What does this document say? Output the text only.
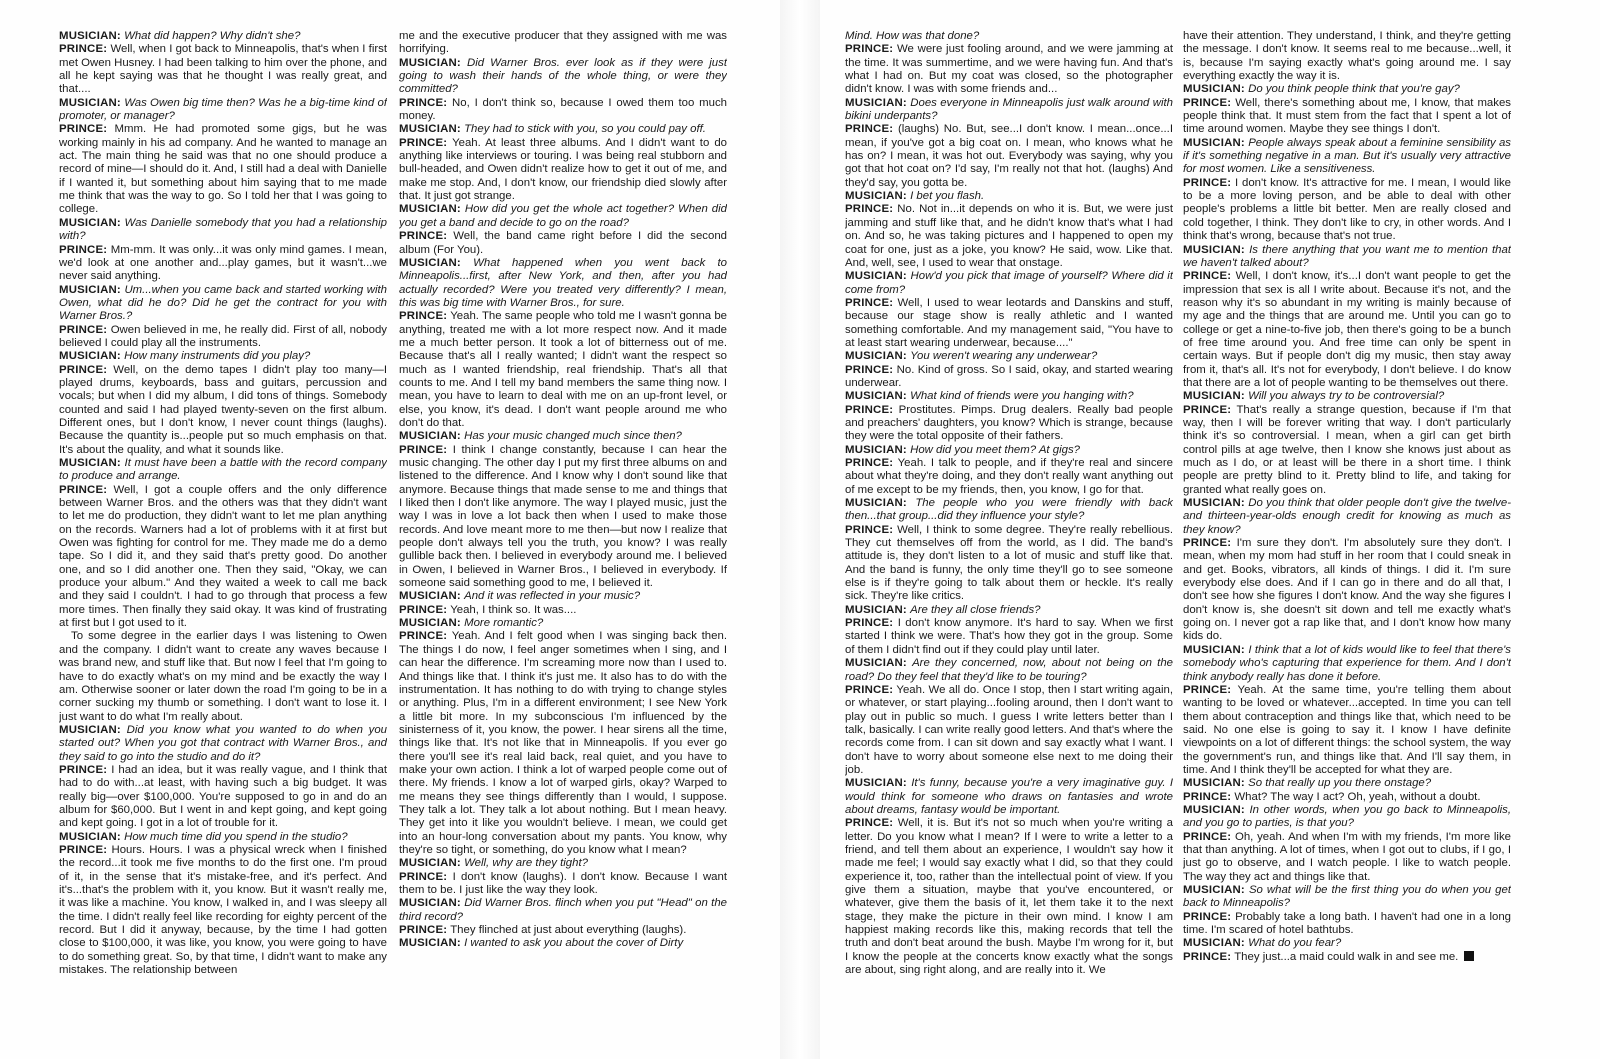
MUSICIAN: What did happen? Why didn't she?

PRINCE: Well, when I got back to Minneapolis, that's when I first met Owen Husney. I had been talking to him over the phone, and all he kept saying was that he thought I was really great, and that....

MUSICIAN: Was Owen big time then? Was he a big-time kind of promoter, or manager?

PRINCE: Mmm. He had promoted some gigs, but he was working mainly in his ad company. And he wanted to manage an act. The main thing he said was that no one should produce a record of mine—I should do it. And, I still had a deal with Danielle if I wanted it, but something about him saying that to me made me think that was the way to go. So I told her that I was going to college.

MUSICIAN: Was Danielle somebody that you had a relationship with?

PRINCE: Mm-mm. It was only...it was only mind games. I mean, we'd look at one another and...play games, but it wasn't...we never said anything.

MUSICIAN: Um...when you came back and started working with Owen, what did he do? Did he get the contract for you with Warner Bros.?

PRINCE: Owen believed in me, he really did. First of all, nobody believed I could play all the instruments.

MUSICIAN: How many instruments did you play?

PRINCE: Well, on the demo tapes I didn't play too many—I played drums, keyboards, bass and guitars, percussion and vocals; but when I did my album, I did tons of things. Somebody counted and said I had played twenty-seven on the first album. Different ones, but I don't know, I never count things (laughs). Because the quantity is...people put so much emphasis on that. It's about the quality, and what it sounds like.

MUSICIAN: It must have been a battle with the record company to produce and arrange.

PRINCE: Well, I got a couple offers and the only difference between Warner Bros. and the others was that they didn't want to let me do production, they didn't want to let me plan anything on the records. Warners had a lot of problems with it at first but Owen was fighting for control for me. They made me do a demo tape. So I did it, and they said that's pretty good. Do another one, and so I did another one. Then they said, "Okay, we can produce your album." And they waited a week to call me back and they said I couldn't. I had to go through that process a few more times. Then finally they said okay. It was kind of frustrating at first but I got used to it.

To some degree in the earlier days I was listening to Owen and the company. I didn't want to create any waves because I was brand new, and stuff like that. But now I feel that I'm going to have to do exactly what's on my mind and be exactly the way I am. Otherwise sooner or later down the road I'm going to be in a corner sucking my thumb or something. I don't want to lose it. I just want to do what I'm really about.

MUSICIAN: Did you know what you wanted to do when you started out? When you got that contract with Warner Bros., and they said to go into the studio and do it?

PRINCE: I had an idea, but it was really vague, and I think that had to do with...at least, with having such a big budget. It was really big—over $100,000. You're supposed to go in and do an album for $60,000. But I went in and kept going, and kept going and kept going. I got in a lot of trouble for it.

MUSICIAN: How much time did you spend in the studio?

PRINCE: Hours. Hours. I was a physical wreck when I finished the record...it took me five months to do the first one. I'm proud of it, in the sense that it's mistake-free, and it's perfect. And it's...that's the problem with it, you know. But it wasn't really me, it was like a machine. You know, I walked in, and I was sleepy all the time. I didn't really feel like recording for eighty percent of the record. But I did it anyway, because, by the time I had gotten close to $100,000, it was like, you know, you were going to have to do something great. So, by that time, I didn't want to make any mistakes. The relationship between

me and the executive producer that they assigned with me was horrifying.

MUSICIAN: Did Warner Bros. ever look as if they were just going to wash their hands of the whole thing, or were they committed?

PRINCE: No, I don't think so, because I owed them too much money.

MUSICIAN: They had to stick with you, so you could pay off.

PRINCE: Yeah. At least three albums. And I didn't want to do anything like interviews or touring. I was being real stubborn and bull-headed, and Owen didn't realize how to get it out of me, and make me stop. And, I don't know, our friendship died slowly after that. It just got strange.

MUSICIAN: How did you get the whole act together? When did you get a band and decide to go on the road?

PRINCE: Well, the band came right before I did the second album (For You).

MUSICIAN: What happened when you went back to Minneapolis...first, after New York, and then, after you had actually recorded? Were you treated very differently? I mean, this was big time with Warner Bros., for sure.

PRINCE: Yeah. The same people who told me I wasn't gonna be anything, treated me with a lot more respect now. And it made me a much better person. It took a lot of bitterness out of me. Because that's all I really wanted; I didn't want the respect so much as I wanted friendship, real friendship. That's all that counts to me. And I tell my band members the same thing now. I mean, you have to learn to deal with me on an up-front level, or else, you know, it's dead. I don't want people around me who don't do that.

MUSICIAN: Has your music changed much since then?

PRINCE: I think I change constantly, because I can hear the music changing. The other day I put my first three albums on and listened to the difference. And I know why I don't sound like that anymore. Because things that made sense to me and things that I liked then I don't like anymore. The way I played music, just the way I was in love a lot back then when I used to make those records. And love meant more to me then—but now I realize that people don't always tell you the truth, you know? I was really gullible back then. I believed in everybody around me. I believed in Owen, I believed in Warner Bros., I believed in everybody. If someone said something good to me, I believed it.

MUSICIAN: And it was reflected in your music?

PRINCE: Yeah, I think so. It was....

MUSICIAN: More romantic?

PRINCE: Yeah. And I felt good when I was singing back then. The things I do now, I feel anger sometimes when I sing, and I can hear the difference. I'm screaming more now than I used to. And things like that. I think it's just me. It also has to do with the instrumentation. It has nothing to do with trying to change styles or anything. Plus, I'm in a different environment; I see New York a little bit more. In my subconscious I'm influenced by the sinisterness of it, you know, the power. I hear sirens all the time, things like that. It's not like that in Minneapolis. If you ever go there you'll see it's real laid back, real quiet, and you have to make your own action. I think a lot of warped people come out of there. My friends. I know a lot of warped girls, okay? Warped to me means they see things differently than I would, I suppose. They talk a lot. They talk a lot about nothing. But I mean heavy. They get into it like you wouldn't believe. I mean, we could get into an hour-long conversation about my pants. You know, why they're so tight, or something, do you know what I mean?

MUSICIAN: Well, why are they tight?

PRINCE: I don't know (laughs). I don't know. Because I want them to be. I just like the way they look.

MUSICIAN: Did Warner Bros. flinch when you put "Head" on the third record?

PRINCE: They flinched at just about everything (laughs).

MUSICIAN: I wanted to ask you about the cover of Dirty

Mind. How was that done?

PRINCE: We were just fooling around, and we were jamming at the time. It was summertime, and we were having fun. And that's what I had on. But my coat was closed, so the photographer didn't know. I was with some friends and...

MUSICIAN: Does everyone in Minneapolis just walk around with bikini underpants?

PRINCE: (laughs) No. But, see...I don't know. I mean...once...I mean, if you've got a big coat on. I mean, who knows what he has on? I mean, it was hot out. Everybody was saying, why you got that hot coat on? I'd say, I'm really not that hot. (laughs) And they'd say, you gotta be.

MUSICIAN: I bet you flash.

PRINCE: No. Not in...it depends on who it is. But, we were just jamming and stuff like that, and he didn't know that's what I had on. And so, he was taking pictures and I happened to open my coat for one, just as a joke, you know? He said, wow. Like that. And, well, see, I used to wear that onstage.

MUSICIAN: How'd you pick that image of yourself? Where did it come from?

PRINCE: Well, I used to wear leotards and Danskins and stuff, because our stage show is really athletic and I wanted something comfortable. And my management said, "You have to at least start wearing underwear, because...."

MUSICIAN: You weren't wearing any underwear?

PRINCE: No. Kind of gross. So I said, okay, and started wearing underwear.

MUSICIAN: What kind of friends were you hanging with?

PRINCE: Prostitutes. Pimps. Drug dealers. Really bad people and preachers' daughters, you know? Which is strange, because they were the total opposite of their fathers.

MUSICIAN: How did you meet them? At gigs?

PRINCE: Yeah. I talk to people, and if they're real and sincere about what they're doing, and they don't really want anything out of me except to be my friends, then, you know, I go for that.

MUSICIAN: The people who you were friendly with back then...that group...did they influence your style?

PRINCE: Well, I think to some degree. They're really rebellious. They cut themselves off from the world, as I did. The band's attitude is, they don't listen to a lot of music and stuff like that. And the band is funny, the only time they'll go to see someone else is if they're going to talk about them or heckle. It's really sick. They're like critics.

MUSICIAN: Are they all close friends?

PRINCE: I don't know anymore. It's hard to say. When we first started I think we were. That's how they got in the group. Some of them I didn't find out if they could play until later.

MUSICIAN: Are they concerned, now, about not being on the road? Do they feel that they'd like to be touring?

PRINCE: Yeah. We all do. Once I stop, then I start writing again, or whatever, or start playing...fooling around, then I don't want to play out in public so much. I guess I write letters better than I talk, basically. I can write really good letters. And that's where the records come from. I can sit down and say exactly what I want. I don't have to worry about someone else next to me doing their job.

MUSICIAN: It's funny, because you're a very imaginative guy. I would think for someone who draws on fantasies and wrote about dreams, fantasy would be important.

PRINCE: Well, it is. But it's not so much when you're writing a letter. Do you know what I mean? If I were to write a letter to a friend, and tell them about an experience, I wouldn't say how it made me feel; I would say exactly what I did, so that they could experience it, too, rather than the intellectual point of view. If you give them a situation, maybe that you've encountered, or whatever, give them the basis of it, let them take it to the next stage, they make the picture in their own mind. I know I am happiest making records like this, making records that tell the truth and don't beat around the bush. Maybe I'm wrong for it, but I know the people at the concerts know exactly what the songs are about, sing right along, and are really into it. We

have their attention. They understand, I think, and they're getting the message. I don't know. It seems real to me because...well, it is, because I'm saying exactly what's going around me. I say everything exactly the way it is.

MUSICIAN: Do you think people think that you're gay?

PRINCE: Well, there's something about me, I know, that makes people think that. It must stem from the fact that I spent a lot of time around women. Maybe they see things I don't.

MUSICIAN: People always speak about a feminine sensibility as if it's something negative in a man. But it's usually very attractive for most women. Like a sensitiveness.

PRINCE: I don't know. It's attractive for me. I mean, I would like to be a more loving person, and be able to deal with other people's problems a little bit better. Men are really closed and cold together, I think. They don't like to cry, in other words. And I think that's wrong, because that's not true.

MUSICIAN: Is there anything that you want me to mention that we haven't talked about?

PRINCE: Well, I don't know, it's...I don't want people to get the impression that sex is all I write about. Because it's not, and the reason why it's so abundant in my writing is mainly because of my age and the things that are around me. Until you can go to college or get a nine-to-five job, then there's going to be a bunch of free time around you. And free time can only be spent in certain ways. But if people don't dig my music, then stay away from it, that's all. It's not for everybody, I don't believe. I do know that there are a lot of people wanting to be themselves out there.

MUSICIAN: Will you always try to be controversial?

PRINCE: That's really a strange question, because if I'm that way, then I will be forever writing that way. I don't particularly think it's so controversial. I mean, when a girl can get birth control pills at age twelve, then I know she knows just about as much as I do, or at least will be there in a short time. I think people are pretty blind to it. Pretty blind to life, and taking for granted what really goes on.

MUSICIAN: Do you think that older people don't give the twelve- and thirteen-year-olds enough credit for knowing as much as they know?

PRINCE: I'm sure they don't. I'm absolutely sure they don't. I mean, when my mom had stuff in her room that I could sneak in and get. Books, vibrators, all kinds of things. I did it. I'm sure everybody else does. And if I can go in there and do all that, I don't see how she figures I don't know. And the way she figures I don't know is, she doesn't sit down and tell me exactly what's going on. I never got a rap like that, and I don't know how many kids do.

MUSICIAN: I think that a lot of kids would like to feel that there's somebody who's capturing that experience for them. And I don't think anybody really has done it before.

PRINCE: Yeah. At the same time, you're telling them about wanting to be loved or whatever...accepted. In time you can tell them about contraception and things like that, which need to be said. No one else is going to say it. I know I have definite viewpoints on a lot of different things: the school system, the way the government's run, and things like that. And I'll say them, in time. And I think they'll be accepted for what they are.

MUSICIAN: So that really up you there onstage?

PRINCE: What? The way I act? Oh, yeah, without a doubt.

MUSICIAN: In other words, when you go back to Minneapolis, and you go to parties, is that you?

PRINCE: Oh, yeah. And when I'm with my friends, I'm more like that than anything. A lot of times, when I got out to clubs, if I go, I just go to observe, and I watch people. I like to watch people. The way they act and things like that.

MUSICIAN: So what will be the first thing you do when you get back to Minneapolis?

PRINCE: Probably take a long bath. I haven't had one in a long time. I'm scared of hotel bathtubs.

MUSICIAN: What do you fear?

PRINCE: They just...a maid could walk in and see me.
